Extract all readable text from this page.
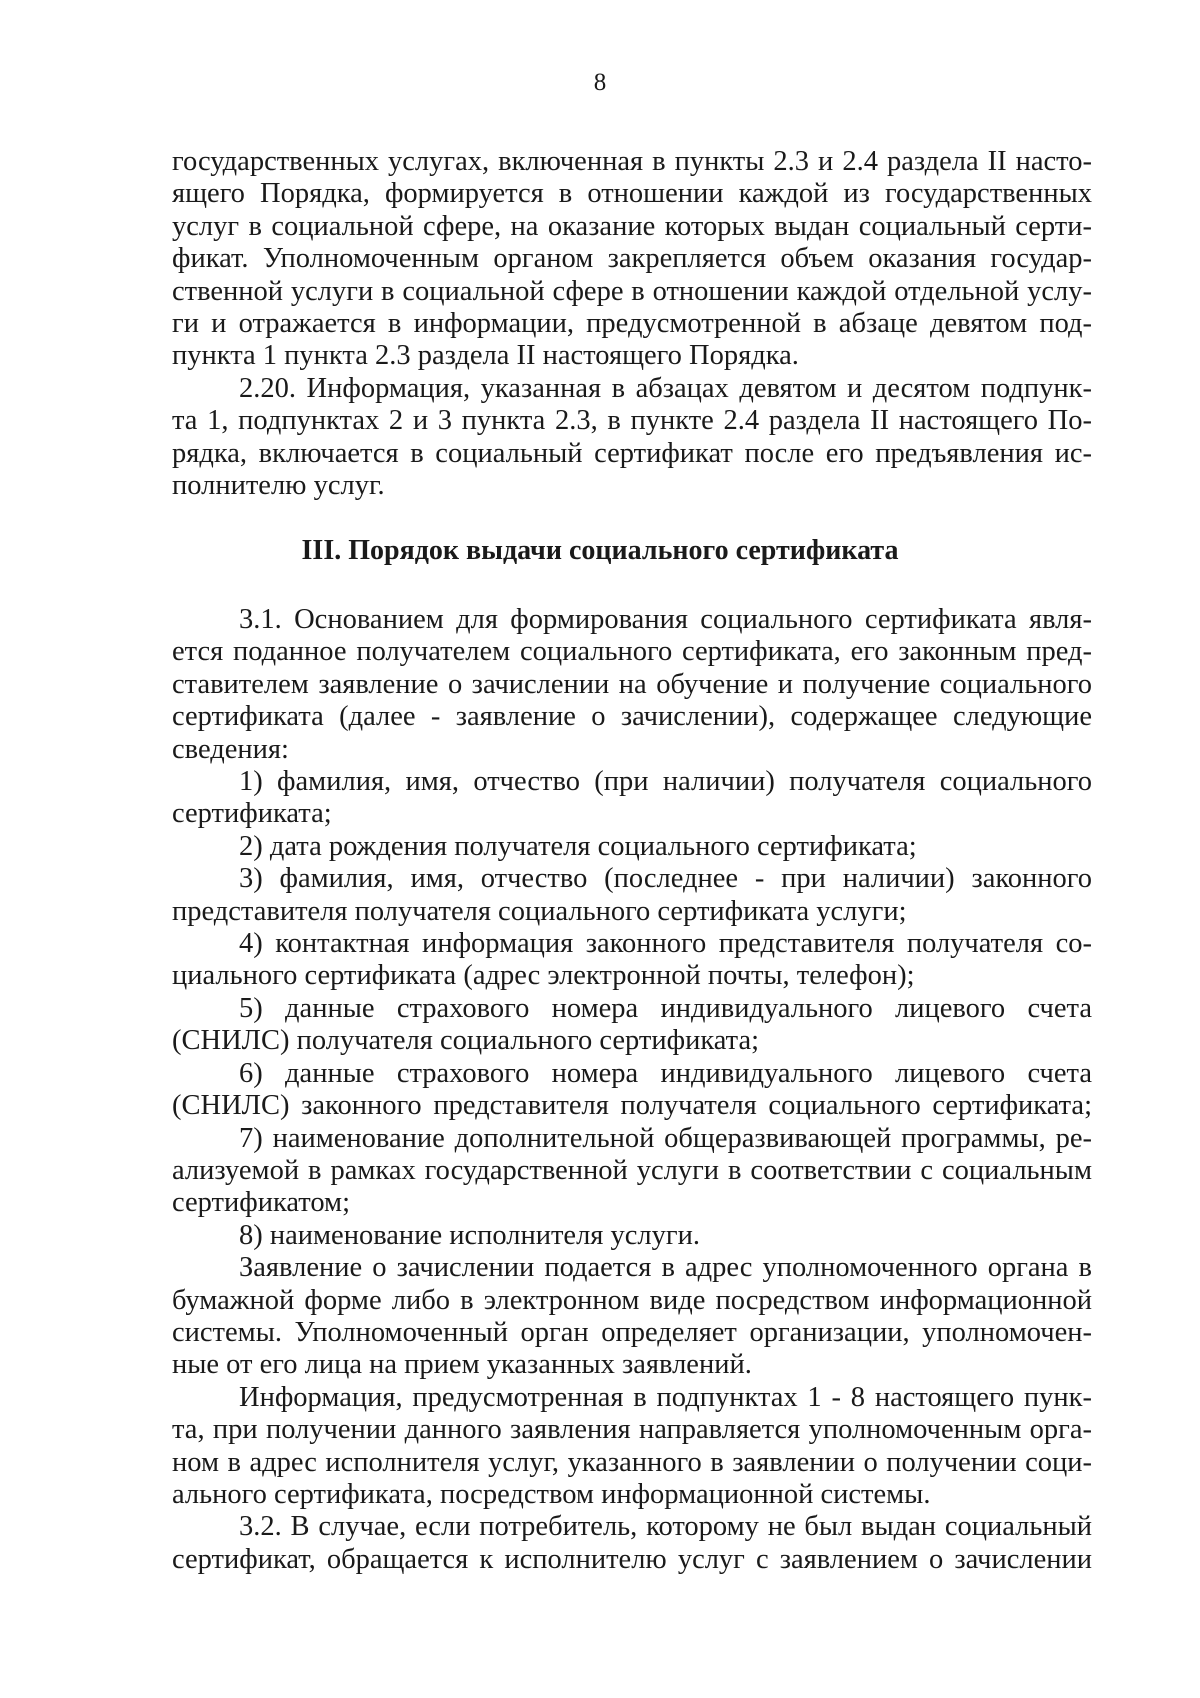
8

государственных услугах, включенная в пункты 2.3 и 2.4 раздела II насто-

ящего Порядка, формируется в отношении каждой из государственных

услуг в социальной сфере, на оказание которых выдан социальный серти-

фикат. Уполномоченным органом закрепляется объем оказания государ-

ственной услуги в социальной сфере в отношении каждой отдельной услу-

ги и отражается в информации, предусмотренной в абзаце девятом под-

пункта 1 пункта 2.3 раздела II настоящего Порядка.

2.20. Информация, указанная в абзацах девятом и десятом подпунк-

та 1, подпунктах 2 и 3 пункта 2.3, в пункте 2.4 раздела II настоящего По-

рядка, включается в социальный сертификат после его предъявления ис-

полнителю услуг.

III. Порядок выдачи социального сертификата

3.1. Основанием для формирования социального сертификата явля-

ется поданное получателем социального сертификата, его законным пред-

ставителем заявление о зачислении на обучение и получение социального

сертификата (далее - заявление о зачислении), содержащее следующие

сведения:

1) фамилия, имя, отчество (при наличии) получателя социального

сертификата;

2) дата рождения получателя социального сертификата;

3) фамилия, имя, отчество (последнее - при наличии) законного

представителя получателя социального сертификата услуги;

4) контактная информация законного представителя получателя со-

циального сертификата (адрес электронной почты, телефон);

5) данные страхового номера индивидуального лицевого счета

(СНИЛС) получателя социального сертификата;

6) данные страхового номера индивидуального лицевого счета

(СНИЛС) законного представителя получателя социального сертификата;

7) наименование дополнительной общеразвивающей программы, ре-

ализуемой в рамках государственной услуги в соответствии с социальным

сертификатом;

8) наименование исполнителя услуги.

Заявление о зачислении подается в адрес уполномоченного органа в

бумажной форме либо в электронном виде посредством информационной

системы. Уполномоченный орган определяет организации, уполномочен-

ные от его лица на прием указанных заявлений.

Информация, предусмотренная в подпунктах 1 - 8 настоящего пунк-

та, при получении данного заявления направляется уполномоченным орга-

ном в адрес исполнителя услуг, указанного в заявлении о получении соци-

ального сертификата, посредством информационной системы.

3.2. В случае, если потребитель, которому не был выдан социальный

сертификат, обращается к исполнителю услуг с заявлением о зачислении
